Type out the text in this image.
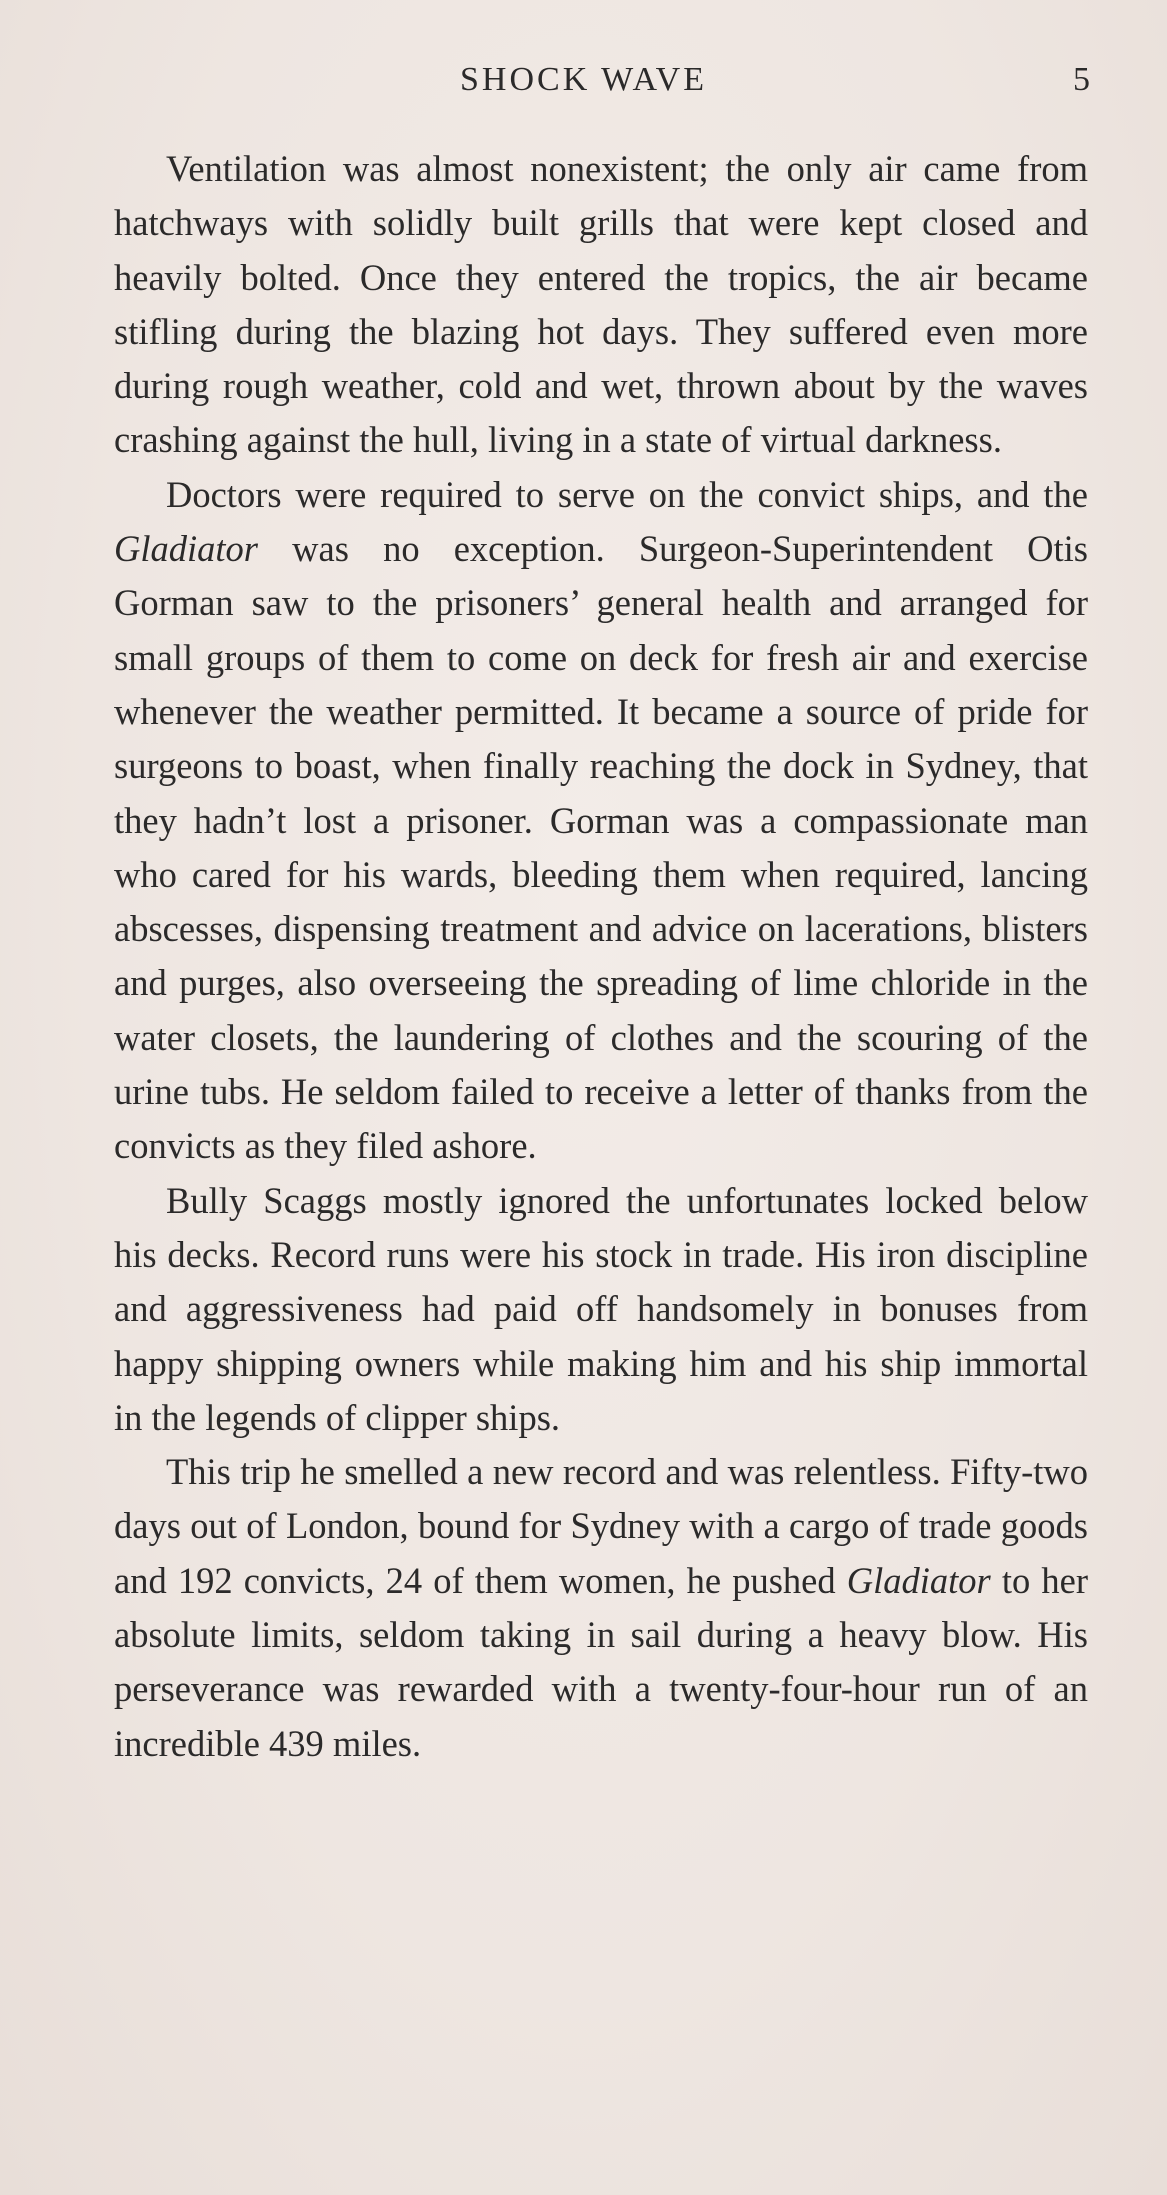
SHOCK WAVE	5

Ventilation was almost nonexistent; the only air came from hatchways with solidly built grills that were kept closed and heavily bolted. Once they entered the tropics, the air became stifling during the blazing hot days. They suffered even more during rough weather, cold and wet, thrown about by the waves crashing against the hull, living in a state of virtual darkness.

Doctors were required to serve on the convict ships, and the Gladiator was no exception. Surgeon-Superintendent Otis Gorman saw to the prisoners’ general health and arranged for small groups of them to come on deck for fresh air and exercise whenever the weather permitted. It became a source of pride for surgeons to boast, when finally reaching the dock in Sydney, that they hadn’t lost a prisoner. Gorman was a compassionate man who cared for his wards, bleeding them when required, lancing abscesses, dispensing treatment and advice on lacerations, blisters and purges, also overseeing the spreading of lime chloride in the water closets, the laundering of clothes and the scouring of the urine tubs. He seldom failed to receive a letter of thanks from the convicts as they filed ashore.

Bully Scaggs mostly ignored the unfortunates locked below his decks. Record runs were his stock in trade. His iron discipline and aggressiveness had paid off handsomely in bonuses from happy shipping owners while making him and his ship immortal in the legends of clipper ships.

This trip he smelled a new record and was relentless. Fifty-two days out of London, bound for Sydney with a cargo of trade goods and 192 convicts, 24 of them women, he pushed Gladiator to her absolute limits, seldom taking in sail during a heavy blow. His perseverance was rewarded with a twenty-four-hour run of an incredible 439 miles.
